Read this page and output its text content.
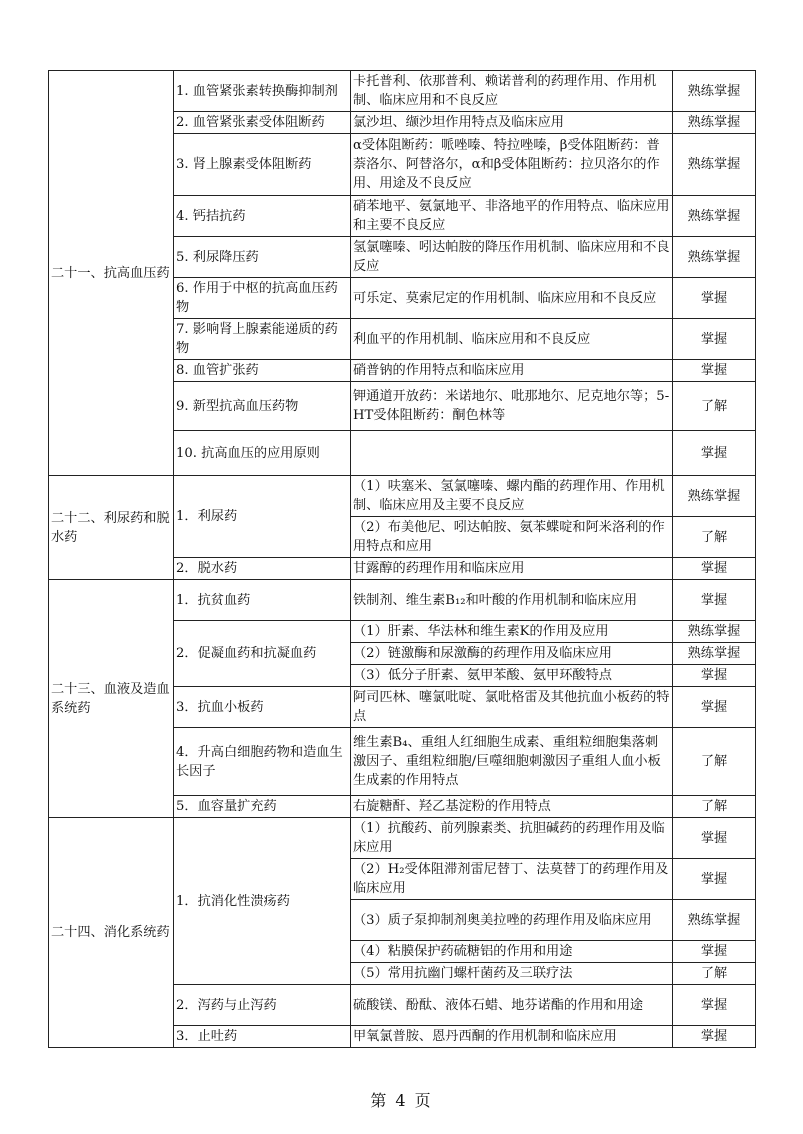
二十一、抗高血压药	1. 血管紧张素转换酶抑制剂	卡托普利、依那普利、赖诺普利的药理作用、作用机制、临床应用和不良反应	熟练掌握
	2. 血管紧张素受体阻断药	氯沙坦、缬沙坦作用特点及临床应用	熟练掌握
	3. 肾上腺素受体阻断药	α受体阻断药：哌唑嗪、特拉唑嗪，β受体阻断药：普萘洛尔、阿替洛尔，α和β受体阻断药：拉贝洛尔的作用、用途及不良反应	熟练掌握
	4. 钙拮抗药	硝苯地平、氨氯地平、非洛地平的作用特点、临床应用和主要不良反应	熟练掌握
	5. 利尿降压药	氢氯噻嗪、吲达帕胺的降压作用机制、临床应用和不良反应	熟练掌握
	6. 作用于中枢的抗高血压药物	可乐定、莫索尼定的作用机制、临床应用和不良反应	掌握
	7. 影响肾上腺素能递质的药物	利血平的作用机制、临床应用和不良反应	掌握
	8. 血管扩张药	硝普钠的作用特点和临床应用	掌握
	9. 新型抗高血压药物	钾通道开放药：米诺地尔、吡那地尔、尼克地尔等；5-HT受体阻断药：酮色林等	了解
	10. 抗高血压的应用原则		掌握
二十二、利尿药和脱水药	1．利尿药	（1）呋塞米、氢氯噻嗪、螺内酯的药理作用、作用机制、临床应用及主要不良反应	熟练掌握
		（2）布美他尼、吲达帕胺、氨苯蝶啶和阿米洛利的作用特点和应用	了解
	2．脱水药	甘露醇的药理作用和临床应用	掌握
二十三、血液及造血系统药	1．抗贫血药	铁制剂、维生素B₁₂和叶酸的作用机制和临床应用	掌握
	2．促凝血药和抗凝血药	（1）肝素、华法林和维生素K的作用及应用	熟练掌握
		（2）链激酶和尿激酶的药理作用及临床应用	熟练掌握
		（3）低分子肝素、氨甲苯酸、氨甲环酸特点	掌握
	3．抗血小板药	阿司匹林、噻氯吡啶、氯吡格雷及其他抗血小板药的特点	掌握
	4．升高白细胞药物和造血生长因子	维生素B₄、重组人红细胞生成素、重组粒细胞集落刺激因子、重组粒细胞/巨噬细胞刺激因子重组人血小板生成素的作用特点	了解
	5．血容量扩充药	右旋糖酐、羟乙基淀粉的作用特点	了解
二十四、消化系统药	1．抗消化性溃疡药	（1）抗酸药、前列腺素类、抗胆碱药的药理作用及临床应用	掌握
		（2）H₂受体阻滞剂雷尼替丁、法莫替丁的药理作用及临床应用	掌握
		（3）质子泵抑制剂奥美拉唑的药理作用及临床应用	熟练掌握
		（4）粘膜保护药硫糖铝的作用和用途	掌握
		（5）常用抗幽门螺杆菌药及三联疗法	了解
	2．泻药与止泻药	硫酸镁、酚酞、液体石蜡、地芬诺酯的作用和用途	掌握
	3．止吐药	甲氧氯普胺、恩丹西酮的作用机制和临床应用	掌握
第 4 页
